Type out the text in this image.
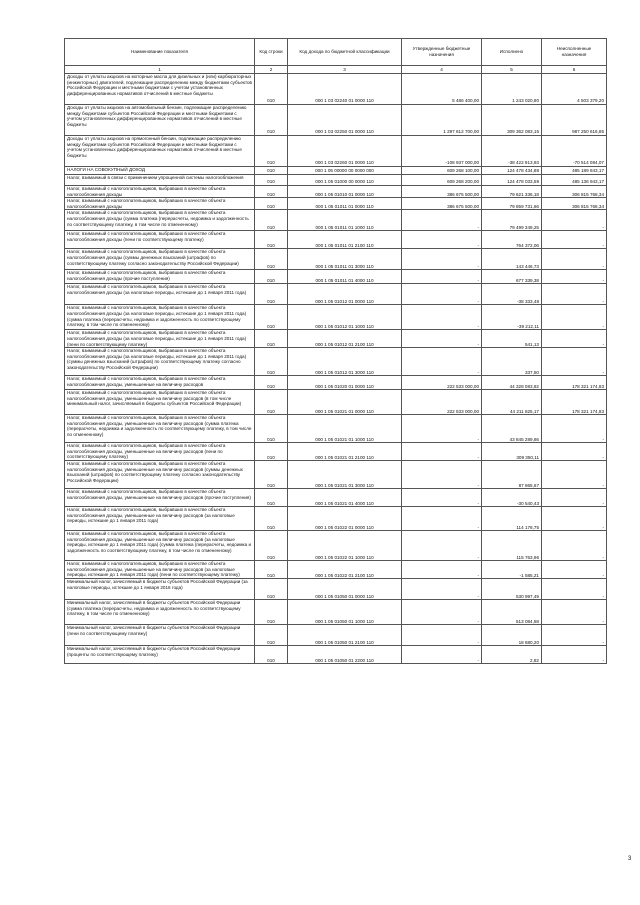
Наименование показателя	Код строки	Код дохода по бюджетной классификации	Утвержденные бюджетные назначения	Исполнено	Неисполненные назначения
1	2	3	4	5	6
Доходы от уплаты акцизов на моторные масла для дизельных и (или) карбюраторных (инжекторных) двигателей, подлежащие распределению между бюджетами субъектов Российской Федерации и местными бюджетами с учетом установленных дифференцированных нормативов отчислений в местные бюджеты	010	000 1 03 02240 01 0000 110	5 486 400,00	1 243 020,80	4 503 379,20
Доходы от уплаты акцизов на автомобильный бензин, подлежащие распределению между бюджетами субъектов Российской Федерации и местными бюджетами с учетом установленных дифференцированных нормативов отчислений в местные бюджеты	010	000 1 03 02250 01 0000 110	1 297 612 700,00	309 362 083,15	987 250 616,85
Доходы от уплаты акцизов на прямогонный бензин, подлежащие распределению между бюджетами субъектов Российской Федерации и местными бюджетами с учетом установленных дифференцированных нормативов отчислений в местные бюджеты	010	000 1 03 02260 01 0000 110	-108 937 000,00	-38 422 913,93	-70 514 084,07
НАЛОГИ НА СОВОКУПНЫЙ ДОХОД	010	000 1 05 00000 00 0000 000	609 268 100,00	124 478 434,88	485 189 843,17
Налог, взимаемый в связи с применением упрощенной системы налогообложения	010	000 1 05 01000 00 0000 110	609 268 200,00	124 478 033,59	485 136 943,17
Налог, взимаемый с налогоплательщиков, выбравших в качестве объекта налогообложения доходы	010	000 1 05 01010 01 0000 110	386 675 500,00	79 621 336,18	306 815 768,34
Налог, взимаемый с налогоплательщиков, выбравших в качестве объекта налогообложения доходы	010	000 1 05 01011 01 0000 110	386 675 500,00	79 859 731,66	306 815 768,34
Налог, взимаемый с налогоплательщиков, выбравших в качестве объекта налогообложения доходы (сумма платежа (перерасчеты, недоимка и задолженность по соответствующему платежу, в том числе по отмененному)	010	000 1 05 01011 01 1000 110	-	79 499 349,25	-
Налог, взимаемый с налогоплательщиков, выбравших в качестве объекта налогообложения доходы (пени по соответствующему платежу)	010	000 1 05 01011 01 2100 110	-	764 372,06	-
Налог, взимаемый с налогоплательщиков, выбравших в качестве объекта налогообложения доходы (суммы денежных взысканий (штрафов) по соответствующему платежу согласно законодательству Российской Федерации)	010	000 1 05 01011 01 3000 110	-	143 446,73	-
Налог, взимаемый с налогоплательщиков, выбравших в качестве объекта налогообложения доходы (прочие поступления)	010	000 1 05 01011 01 4000 110	-	677 339,38	-
Налог, взимаемый с налогоплательщиков, выбравших в качестве объекта налогообложения доходы (за налоговые периоды, истекшие до 1 января 2011 года)	010	000 1 05 01012 01 0000 110	-	-38 333,48	-
Налог, взимаемый с налогоплательщиков, выбравших в качестве объекта налогообложения доходы (за налоговые периоды, истекшие до 1 января 2011 года) (сумма платежа (перерасчеты, недоимка и задолженность по соответствующему платежу, в том числе по отмененному)	010	000 1 05 01012 01 1000 110	-	-39 212,11	-
Налог, взимаемый с налогоплательщиков, выбравших в качестве объекта налогообложения доходы (за налоговые периоды, истекшие до 1 января 2011 года) (пени по соответствующему платежу)	010	000 1 05 01012 01 2100 110	-	541,13	-
Налог, взимаемый с налогоплательщиков, выбравших в качестве объекта налогообложения доходы (за налоговые периоды, истекшие до 1 января 2011 года) (суммы денежных взысканий (штрафов) по соответствующему платежу согласно законодательству Российской Федерации)	010	000 1 05 01012 01 3000 110	-	337,50	-
Налог, взимаемый с налогоплательщиков, выбравших в качестве объекта налогообложения доходы, уменьшенные на величину расходов	010	000 1 05 01020 01 0000 110	222 533 000,00	44 328 083,82	178 321 174,83
Налог, взимаемый с налогоплательщиков, выбравших в качестве объекта налогообложения доходы, уменьшенные на величину расходов (в том числе минимальный налог, зачисляемый в бюджеты субъектов Российской Федерации)	010	000 1 05 01021 01 0000 110	222 533 000,00	44 211 825,17	178 321 174,83
Налог, взимаемый с налогоплательщиков, выбравших в качестве объекта налогообложения доходы, уменьшенные на величину расходов (сумма платежа (перерасчеты, недоимка и задолженность по соответствующему платежу, в том числе по отмененному)	010	000 1 05 01021 01 1000 110	-	43 845 289,86	-
Налог, взимаемый с налогоплательщиков, выбравших в качестве объекта налогообложения доходы, уменьшенные на величину расходов (пени по соответствующему платежу)	010	000 1 05 01021 01 2100 110	-	309 350,11	-
Налог, взимаемый с налогоплательщиков, выбравших в качестве объекта налогообложения доходы, уменьшенные на величину расходов (суммы денежных взысканий (штрафов) по соответствующему платежу согласно законодательству Российской Федерации)	010	000 1 05 01021 01 3000 110	-	87 865,67	-
Налог, взимаемый с налогоплательщиков, выбравших в качестве объекта налогообложения доходы, уменьшенные на величину расходов (прочие поступления)	010	000 1 05 01021 01 4000 110	-	-30 540,43	-
Налог, взимаемый с налогоплательщиков, выбравших в качестве объекта налогообложения доходы, уменьшенные на величину расходов (за налоговые периоды, истекшие до 1 января 2011 года)	010	000 1 05 01022 01 0000 110	-	114 178,75	-
Налог, взимаемый с налогоплательщиков, выбравших в качестве объекта налогообложения доходы, уменьшенные на величину расходов (за налоговые периоды, истекшие до 1 января 2011 года) (сумма платежа (перерасчеты, недоимка и задолженность по соответствующему платежу, в том числе по отмененному)	010	000 1 05 01022 01 1000 110	-	115 763,96	-
Налог, взимаемый с налогоплательщиков, выбравших в качестве объекта налогообложения доходы, уменьшенные на величину расходов (за налоговые периоды, истекшие до 1 января 2011 года) (пени по соответствующему платежу)	010	000 1 05 01022 01 2100 110	-	-1 585,21	-
Минимальный налог, зачисляемый в бюджеты субъектов Российской Федерации (за налоговые периоды, истекшие до 1 января 2016 года)	010	000 1 05 01050 01 0000 110	-	530 997,49	-
Минимальный налог, зачисляемый в бюджеты субъектов Российской Федерации (сумма платежа (перерасчеты, недоимка и задолженность по соответствующему платежу, в том числе по отмененному)	010	000 1 05 01050 01 1000 110	-	513 084,58	-
Минимальный налог, зачисляемый в бюджеты субъектов Российской Федерации (пени по соответствующему платежу)	010	000 1 05 01050 01 2100 110	-	18 680,20	-
Минимальный налог, зачисляемый в бюджеты субъектов Российской Федерации (проценты по соответствующему платежу)	010	000 1 05 01050 01 2200 110	-	2,82	-
3
